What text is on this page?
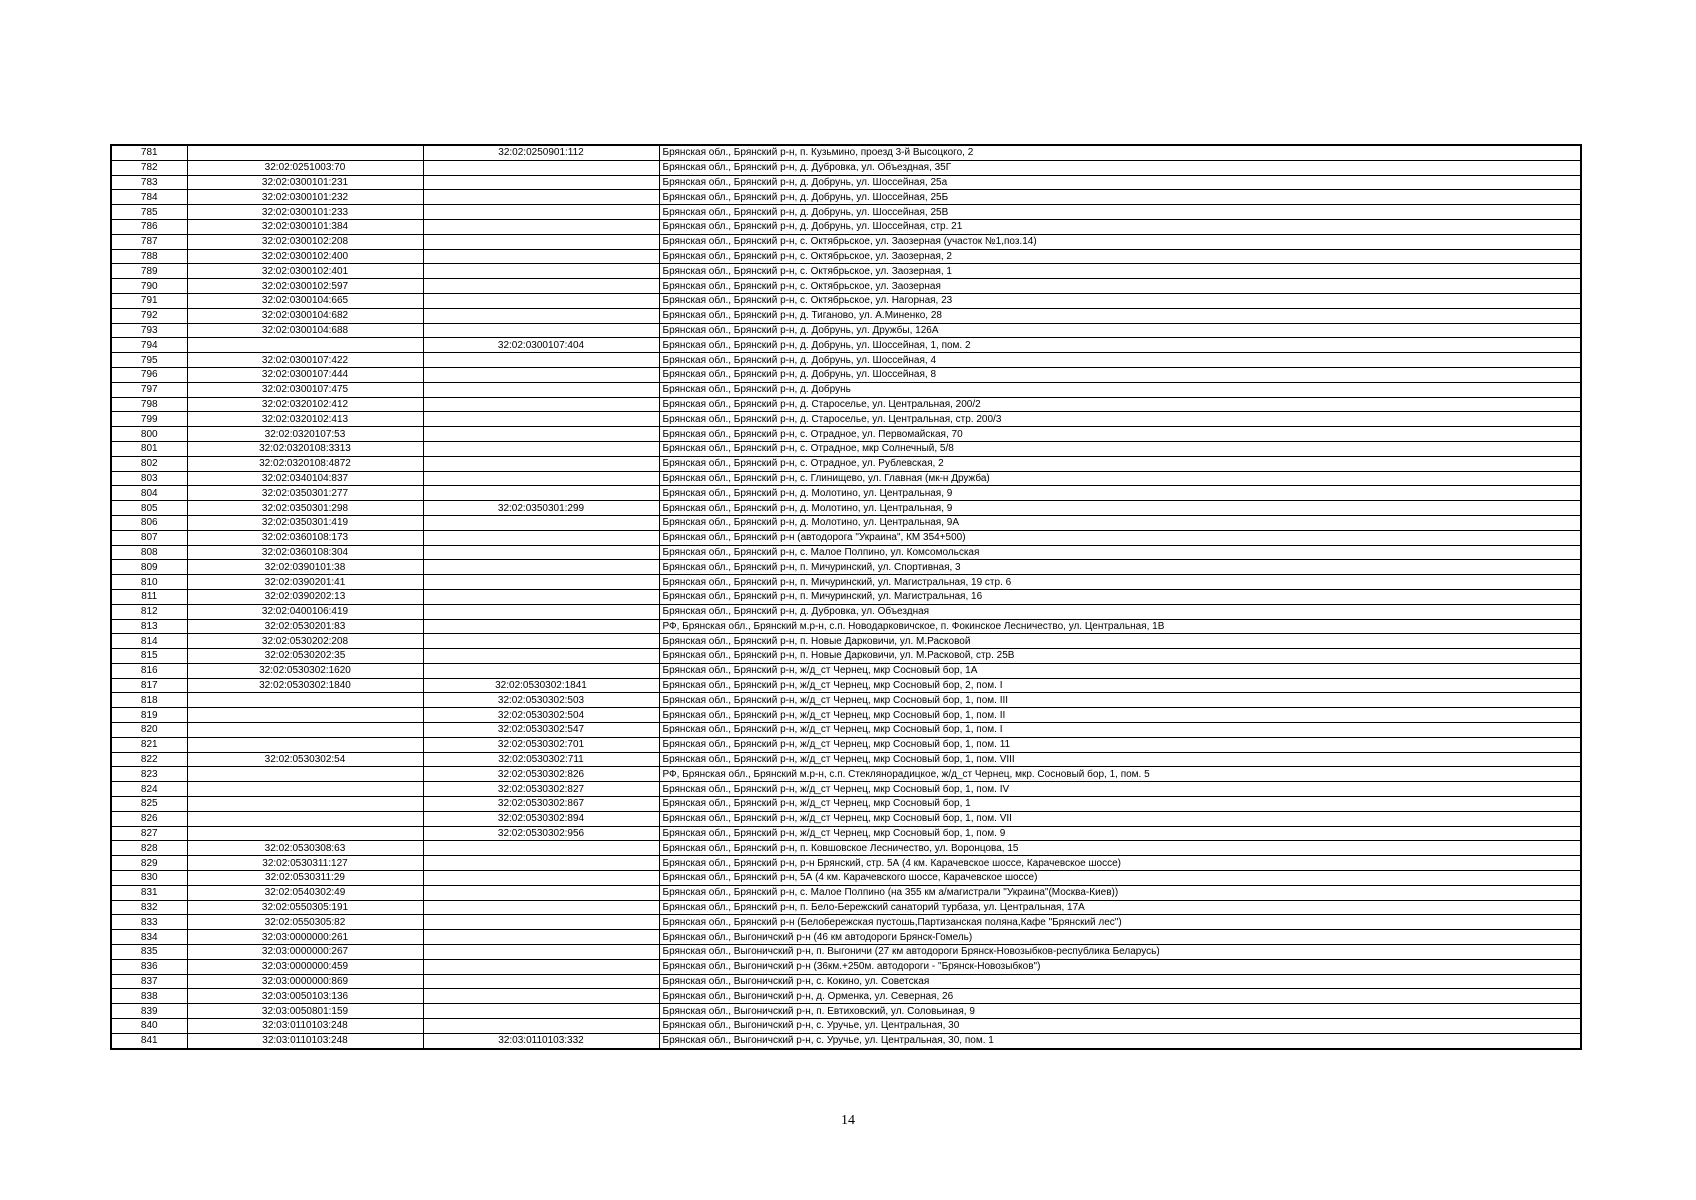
781		32:02:0250901:112	Брянская обл., Брянский р-н, п. Кузьмино, проезд 3-й Высоцкого, 2
782	32:02:0251003:70		Брянская обл., Брянский р-н, д. Дубровка, ул. Объездная, 35Г
783	32:02:0300101:231		Брянская обл., Брянский р-н, д. Добрунь, ул. Шоссейная, 25а
784	32:02:0300101:232		Брянская обл., Брянский р-н, д. Добрунь, ул. Шоссейная, 25Б
785	32:02:0300101:233		Брянская обл., Брянский р-н, д. Добрунь, ул. Шоссейная, 25В
786	32:02:0300101:384		Брянская обл., Брянский р-н, д. Добрунь, ул. Шоссейная, стр. 21
787	32:02:0300102:208		Брянская обл., Брянский р-н, с. Октябрьское, ул. Заозерная (участок №1,поз.14)
788	32:02:0300102:400		Брянская обл., Брянский р-н, с. Октябрьское, ул. Заозерная, 2
789	32:02:0300102:401		Брянская обл., Брянский р-н, с. Октябрьское, ул. Заозерная, 1
790	32:02:0300102:597		Брянская обл., Брянский р-н, с. Октябрьское, ул. Заозерная
791	32:02:0300104:665		Брянская обл., Брянский р-н, с. Октябрьское, ул. Нагорная, 23
792	32:02:0300104:682		Брянская обл., Брянский р-н, д. Тиганово, ул. А.Миненко, 28
793	32:02:0300104:688		Брянская обл., Брянский р-н, д. Добрунь, ул. Дружбы, 126А
794		32:02:0300107:404	Брянская обл., Брянский р-н, д. Добрунь, ул. Шоссейная, 1, пом. 2
795	32:02:0300107:422		Брянская обл., Брянский р-н, д. Добрунь, ул. Шоссейная, 4
796	32:02:0300107:444		Брянская обл., Брянский р-н, д. Добрунь, ул. Шоссейная, 8
797	32:02:0300107:475		Брянская обл., Брянский р-н, д. Добрунь
798	32:02:0320102:412		Брянская обл., Брянский р-н, д. Староселье, ул. Центральная, 200/2
799	32:02:0320102:413		Брянская обл., Брянский р-н, д. Староселье, ул. Центральная, стр. 200/3
800	32:02:0320107:53		Брянская обл., Брянский р-н, с. Отрадное, ул. Первомайская, 70
801	32:02:0320108:3313		Брянская обл., Брянский р-н, с. Отрадное, мкр Солнечный, 5/8
802	32:02:0320108:4872		Брянская обл., Брянский р-н, с. Отрадное, ул. Рублевская, 2
803	32:02:0340104:837		Брянская обл., Брянский р-н, с. Глинищево, ул. Главная (мк-н Дружба)
804	32:02:0350301:277		Брянская обл., Брянский р-н, д. Молотино, ул. Центральная, 9
805	32:02:0350301:298	32:02:0350301:299	Брянская обл., Брянский р-н, д. Молотино, ул. Центральная, 9
806	32:02:0350301:419		Брянская обл., Брянский р-н, д. Молотино, ул. Центральная, 9А
807	32:02:0360108:173		Брянская обл., Брянский р-н (автодорога "Украина", КМ 354+500)
808	32:02:0360108:304		Брянская обл., Брянский р-н, с. Малое Полпино, ул. Комсомольская
809	32:02:0390101:38		Брянская обл., Брянский р-н, п. Мичуринский, ул. Спортивная, 3
810	32:02:0390201:41		Брянская обл., Брянский р-н, п. Мичуринский, ул. Магистральная, 19 стр. 6
811	32:02:0390202:13		Брянская обл., Брянский р-н, п. Мичуринский, ул. Магистральная, 16
812	32:02:0400106:419		Брянская обл., Брянский р-н, д. Дубровка, ул. Объездная
813	32:02:0530201:83		РФ, Брянская обл., Брянский м.р-н, с.п. Новодарковичское, п. Фокинское Лесничество, ул. Центральная, 1В
814	32:02:0530202:208		Брянская обл., Брянский р-н, п. Новые Дарковичи, ул. М.Расковой
815	32:02:0530202:35		Брянская обл., Брянский р-н, п. Новые Дарковичи, ул. М.Расковой, стр. 25В
816	32:02:0530302:1620		Брянская обл., Брянский р-н, ж/д_ст Чернец, мкр Сосновый бор, 1А
817	32:02:0530302:1840	32:02:0530302:1841	Брянская обл., Брянский р-н, ж/д_ст Чернец, мкр Сосновый бор, 2, пом. I
818		32:02:0530302:503	Брянская обл., Брянский р-н, ж/д_ст Чернец, мкр Сосновый бор, 1, пом. III
819		32:02:0530302:504	Брянская обл., Брянский р-н, ж/д_ст Чернец, мкр Сосновый бор, 1, пом. II
820		32:02:0530302:547	Брянская обл., Брянский р-н, ж/д_ст Чернец, мкр Сосновый бор, 1, пом. I
821		32:02:0530302:701	Брянская обл., Брянский р-н, ж/д_ст Чернец, мкр Сосновый бор, 1, пом. 11
822	32:02:0530302:54	32:02:0530302:711	Брянская обл., Брянский р-н, ж/д_ст Чернец, мкр Сосновый бор, 1, пом. VIII
823		32:02:0530302:826	РФ, Брянская обл., Брянский м.р-н, с.п. Стеклянорадицкое, ж/д_ст Чернец, мкр. Сосновый бор, 1, пом. 5
824		32:02:0530302:827	Брянская обл., Брянский р-н, ж/д_ст Чернец, мкр Сосновый бор, 1, пом. IV
825		32:02:0530302:867	Брянская обл., Брянский р-н, ж/д_ст Чернец, мкр Сосновый бор, 1
826		32:02:0530302:894	Брянская обл., Брянский р-н, ж/д_ст Чернец, мкр Сосновый бор, 1, пом. VII
827		32:02:0530302:956	Брянская обл., Брянский р-н, ж/д_ст Чернец, мкр Сосновый бор, 1, пом. 9
828	32:02:0530308:63		Брянская обл., Брянский р-н, п. Ковшовское Лесничество, ул. Воронцова, 15
829	32:02:0530311:127		Брянская обл., Брянский р-н, р-н Брянский, стр. 5А (4 км. Карачевское шоссе, Карачевское шоссе)
830	32:02:0530311:29		Брянская обл., Брянский р-н, 5А (4 км. Карачевского шоссе, Карачевское шоссе)
831	32:02:0540302:49		Брянская обл., Брянский р-н, с. Малое Полпино (на 355 км а/магистрали "Украина"(Москва-Киев))
832	32:02:0550305:191		Брянская обл., Брянский р-н, п. Бело-Бережский санаторий турбаза, ул. Центральная, 17А
833	32:02:0550305:82		Брянская обл., Брянский р-н (Белобережская пустошь,Партизанская поляна,Кафе "Брянский лес")
834	32:03:0000000:261		Брянская обл., Выгоничский р-н (46 км автодороги Брянск-Гомель)
835	32:03:0000000:267		Брянская обл., Выгоничский р-н, п. Выгоничи (27 км автодороги Брянск-Новозыбков-республика Беларусь)
836	32:03:0000000:459		Брянская обл., Выгоничский р-н (36км.+250м. автодороги - "Брянск-Новозыбков")
837	32:03:0000000:869		Брянская обл., Выгоничский р-н, с. Кокино, ул. Советская
838	32:03:0050103:136		Брянская обл., Выгоничский р-н, д. Орменка, ул. Северная, 26
839	32:03:0050801:159		Брянская обл., Выгоничский р-н, п. Евтиховский, ул. Соловьиная, 9
840	32:03:0110103:248		Брянская обл., Выгоничский р-н, с. Уручье, ул. Центральная, 30
841	32:03:0110103:248	32:03:0110103:332	Брянская обл., Выгоничский р-н, с. Уручье, ул. Центральная, 30, пом. 1
14
